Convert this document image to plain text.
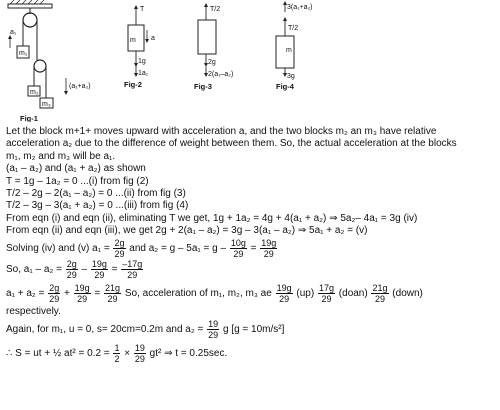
a₁
m₁
(a₁+a₂)
m₂
m₃
Fig-1
T
m a
1g
1a₁
Fig-2
T/2
2g
2(a₁–a₂)
Fig-3
3(a₁+a₂)
T/2
m
3g
Fig-4

Let the block m+1+ moves upward with acceleration a, and the two blocks m₂ an m₃ have relative

acceleration a₂ due to the difference of weight between them. So, the actual acceleration at the blocks

m₁, m₂ and m₃ will be a₁.

(a₁ – a₂) and (a₁ + a₂) as shown

T = 1g – 1a₂ = 0 ...(i) from fig (2)

T/2 – 2g – 2(a₁ – a₂) = 0 ...(ii) from fig (3)

T/2 – 3g – 3(a₁ + a₂) = 0 ...(iii) from fig (4)

From eqn (i) and eqn (ii), eliminating T we get, 1g + 1a₂ = 4g + 4(a₁ + a₂) ⇒ 5a₂– 4a₁ = 3g (iv)

From eqn (ii) and eqn (iii), we get 2g + 2(a₁ – a₂) = 3g – 3(a₁ – a₂) ⇒ 5a₁ + a₂ = (v)

Solving (iv) and (v) $a_1 = \frac{2g}{29}$ and $a_2 = g - 5a_1 = g - \frac{10g}{29} = \frac{19g}{29}$

So, $a_1 - a_2 = \frac{2g}{29} - \frac{19g}{29} = \frac{-17g}{29}$

$a_1 + a_2 = \frac{2g}{29} + \frac{19g}{29} = \frac{21g}{29} So$, acceleration of m₁, m₂, m₃ ae $\frac{19g}{29} (up) \frac{17g}{29}$ (doan) $\frac{21g}{29}$ (down)

respectively.

Again, for m₁, u = 0, s= 20cm=0.2m and $a_2 = \frac{19}{29}$ g [g = 10m/s²]

∴ S = ut + ½ $at^2 = 0.2 = \frac{1}{2} \times \frac{19}{29} gt^2$ ⇒ t = 0.25sec.
